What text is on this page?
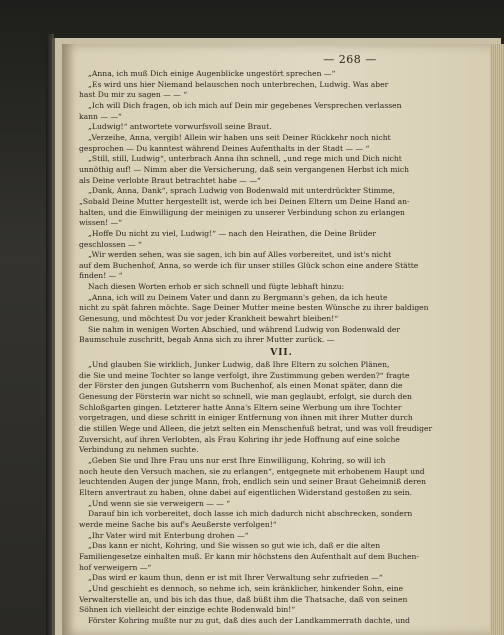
— 268 —
„Anna, ich muß Dich einige Augenblicke ungestört sprechen —“
„Es wird uns hier Niemand belauschen noch unterbrechen, Ludwig. Was aber
hast Du mir zu sagen — — “
„Ich will Dich fragen, ob ich mich auf Dein mir gegebenes Versprechen verlassen
kann — —“
„Ludwig!“ antwortete vorwurfsvoll seine Braut.
„Verzeihe, Anna, vergib! Allein wir haben uns seit Deiner Rückkehr noch nicht
gesprochen — Du kanntest während Deines Aufenthalts in der Stadt — — “
„Still, still, Ludwig“, unterbrach Anna ihn schnell, „und rege mich und Dich nicht
unnöthig auf! — Nimm aber die Versicherung, daß sein vergangenen Herbst ich mich
als Deine verlobte Braut betrachtet habe — —“
„Dank, Anna, Dank“, sprach Ludwig von Bodenwald mit unterdrückter Stimme,
„Sobald Deine Mutter hergestellt ist, werde ich bei Deinen Eltern um Deine Hand an-
halten, und die Einwilligung der meinigen zu unserer Verbindung schon zu erlangen
wissen! —“
„Hoffe Du nicht zu viel, Ludwig!“ — nach den Heirathen, die Deine Brüder
geschlossen — “
„Wir werden sehen, was sie sagen, ich bin auf Alles vorbereitet, und ist's nicht
auf dem Buchenhof, Anna, so werde ich für unser stilles Glück schon eine andere Stätte
finden! — “
Nach diesen Worten erhob er sich schnell und fügte lebhaft hinzu:
„Anna, ich will zu Deinem Vater und dann zu Bergmann's gehen, da ich heute
nicht zu spät fahren möchte. Sage Deiner Mutter meine besten Wünsche zu ihrer baldigen
Genesung, und möchtest Du vor jeder Krankheit bewahrt bleiben!“
Sie nahm in wenigen Worten Abschied, und während Ludwig von Bodenwald der
Baumschule zuschritt, begab Anna sich zu ihrer Mutter zurück. —
VII.
„Und glauben Sie wirklich, Junker Ludwig, daß Ihre Eltern zu solchen Plänen,
die Sie und meine Tochter so lange verfolgt, ihre Zustimmung geben werden?“ fragte
der Förster den jungen Gutsherrn vom Buchenhof, als einen Monat später, dann die
Genesung der Försterin war nicht so schnell, wie man geglaubt, erfolgt, sie durch den
Schloßgarten gingen. Letzterer hatte Anna's Eltern seine Werbung um ihre Tochter
vorgetragen, und diese schritt in einiger Entfernung von ihnen mit ihrer Mutter durch
die stillen Wege und Alleen, die jetzt selten ein Menschenfuß betrat, und was voll freudiger
Zuversicht, auf ihren Verlobten, als Frau Kohring ihr jede Hoffnung auf eine solche
Verbindung zu nehmen suchte.
„Geben Sie und Ihre Frau uns nur erst Ihre Einwilligung, Kohring, so will ich
noch heute den Versuch machen, sie zu erlangen“, entgegnete mit erhobenem Haupt und
leuchtenden Augen der junge Mann, froh, endlich sein und seiner Braut Geheimniß deren
Eltern anvertraut zu haben, ohne dabei auf eigentlichen Widerstand gestoßen zu sein.
„Und wenn sie sie verweigern — — “
Darauf bin ich vorbereitet, doch lasse ich mich dadurch nicht abschrecken, sondern
werde meine Sache bis auf's Aeußerste verfolgen!“
„Ihr Vater wird mit Enterbung drohen —“
„Das kann er nicht, Kohring, und Sie wissen so gut wie ich, daß er die alten
Familiengesetze einhalten muß. Er kann mir höchstens den Aufenthalt auf dem Buchen-
hof verweigern —“
„Das wird er kaum thun, denn er ist mit Ihrer Verwaltung sehr zufrieden —“
„Und geschieht es dennoch, so nehme ich, sein kränklicher, hinkender Sohn, eine
Verwalterstelle an, und bis ich das thue, daß büßt ihm die Thatsache, daß von seinen
Söhnen ich vielleicht der einzige echte Bodenwald bin!“
Förster Kohring mußte nur zu gut, daß dies auch der Landkammerrath dachte, und
